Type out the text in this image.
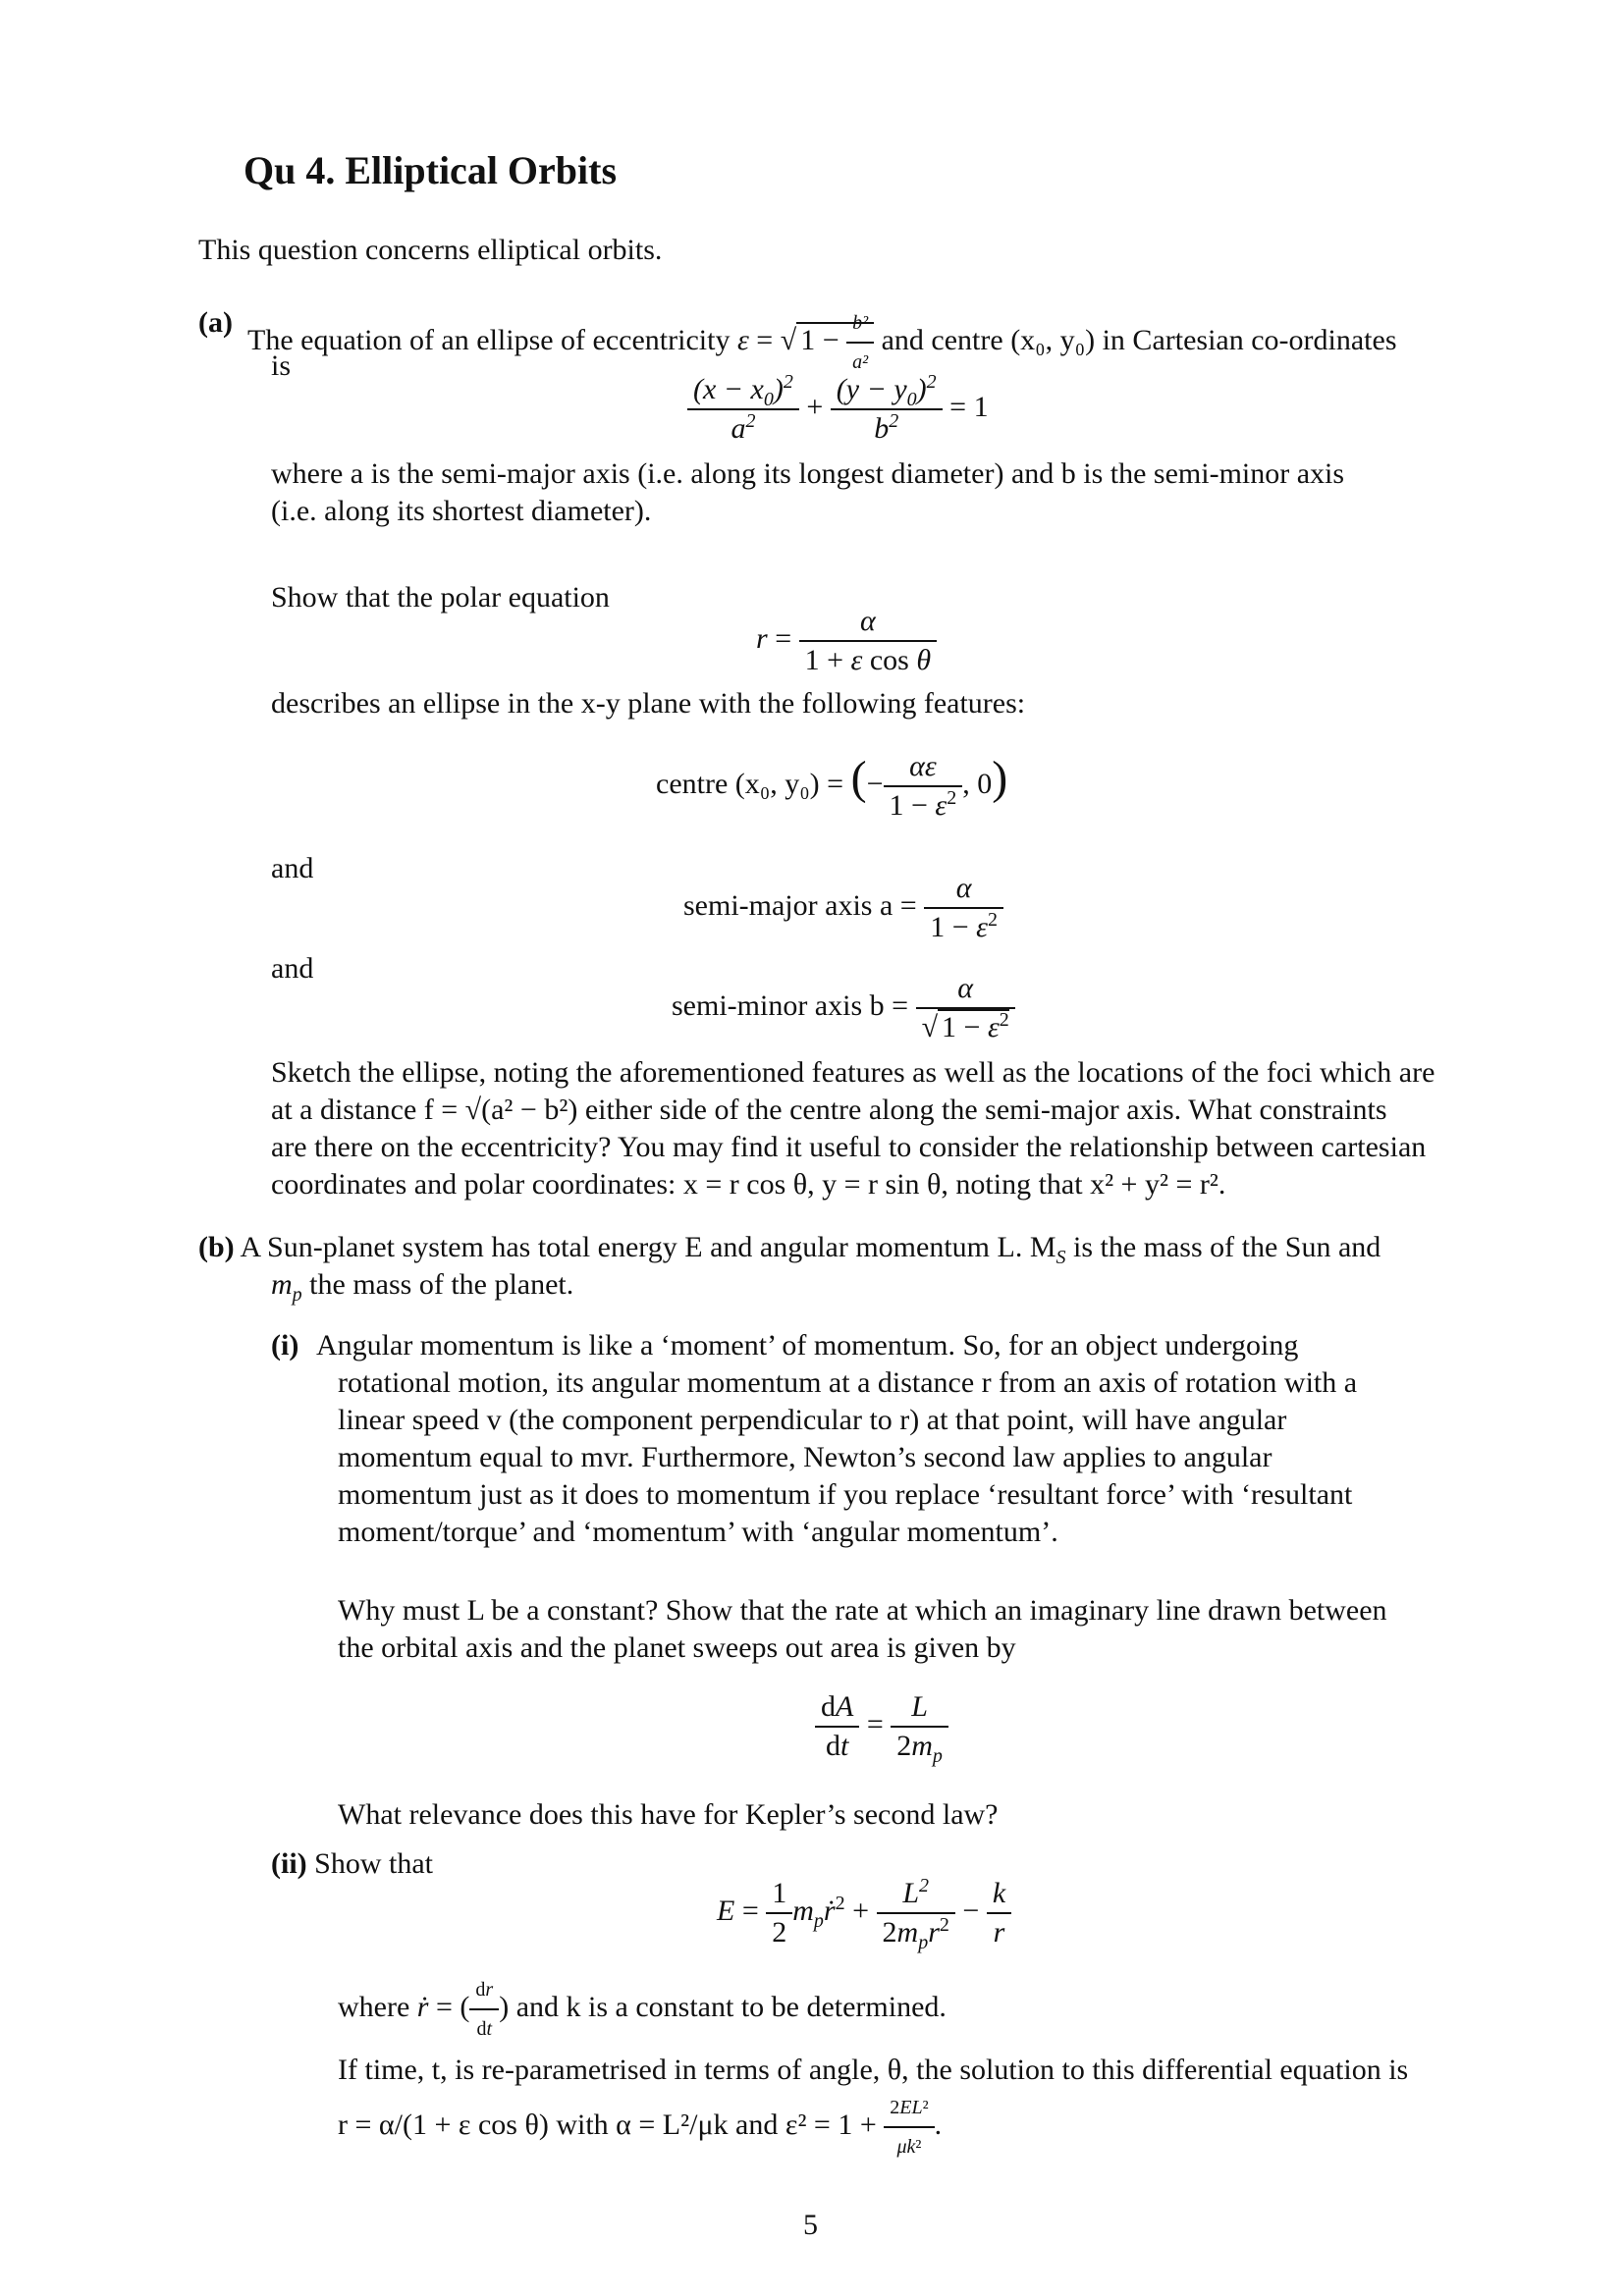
Qu 4. Elliptical Orbits
This question concerns elliptical orbits.
(a)
The equation of an ellipse of eccentricity ε = √ $1 - \frac{\text{b²}}{\text{a²}}$ and centre (x₀, y₀) in Cartesian co-ordinates
is
$\frac{(x - x_0)^2}{a^2} + \frac{(y - y_0)^2}{b^2} = 1$
where a is the semi-major axis (i.e. along its longest diameter) and b is the semi-minor axis
(i.e. along its shortest diameter).
Show that the polar equation
$r = \frac{\alpha}{\text{1 + ε cos θ}}$
describes an ellipse in the x-y plane with the following features:
centre (x₀, y₀) = (− $\frac{\alpha\varepsilon}{1 - \varepsilon^2}$ , 0)
and
semi-major axis $a = \frac{\alpha}{1 - \varepsilon^2}$
and
semi-minor axis $b = \frac{\alpha}{√ 1 - \varepsilon^2}$
Sketch the ellipse, noting the aforementioned features as well as the locations of the foci which are
at a distance f = √(a² − b²) either side of the centre along the semi-major axis. What constraints
are there on the eccentricity? You may find it useful to consider the relationship between cartesian
coordinates and polar coordinates: x = r cos θ, y = r sin θ, noting that x² + y² = r².
(b) A Sun-planet system has total energy E and angular momentum L. $M_S$ is the mass of the Sun and
$m_p$ the mass of the planet.
(i) Angular momentum is like a ‘moment’ of momentum. So, for an object undergoing
rotational motion, its angular momentum at a distance r from an axis of rotation with a
linear speed v (the component perpendicular to r) at that point, will have angular
momentum equal to mvr. Furthermore, Newton’s second law applies to angular
momentum just as it does to momentum if you replace ‘resultant force’ with ‘resultant
moment/torque’ and ‘momentum’ with ‘angular momentum’.
Why must L be a constant? Show that the rate at which an imaginary line drawn between
the orbital axis and the planet sweeps out area is given by
$\frac{dA}{dt} = \frac{L}{2m_p}$
What relevance does this have for Kepler’s second law?
(ii) Show that
$E = \frac{1}{2}$ $m_pṙ^2 + \frac{L^2}{2m_pr^2} - \frac{k}{r}$
where ṙ = ( $\frac{dr}{dt}$ ) and k is a constant to be determined.
If time, t, is re-parametrised in terms of angle, θ, the solution to this differential equation is
r = α/(1 + ε cos θ) with α = L²/μk and $\varepsilon^2 = 1 + \frac{\text{2EL²}}{\text{μk²}}$ .
5
